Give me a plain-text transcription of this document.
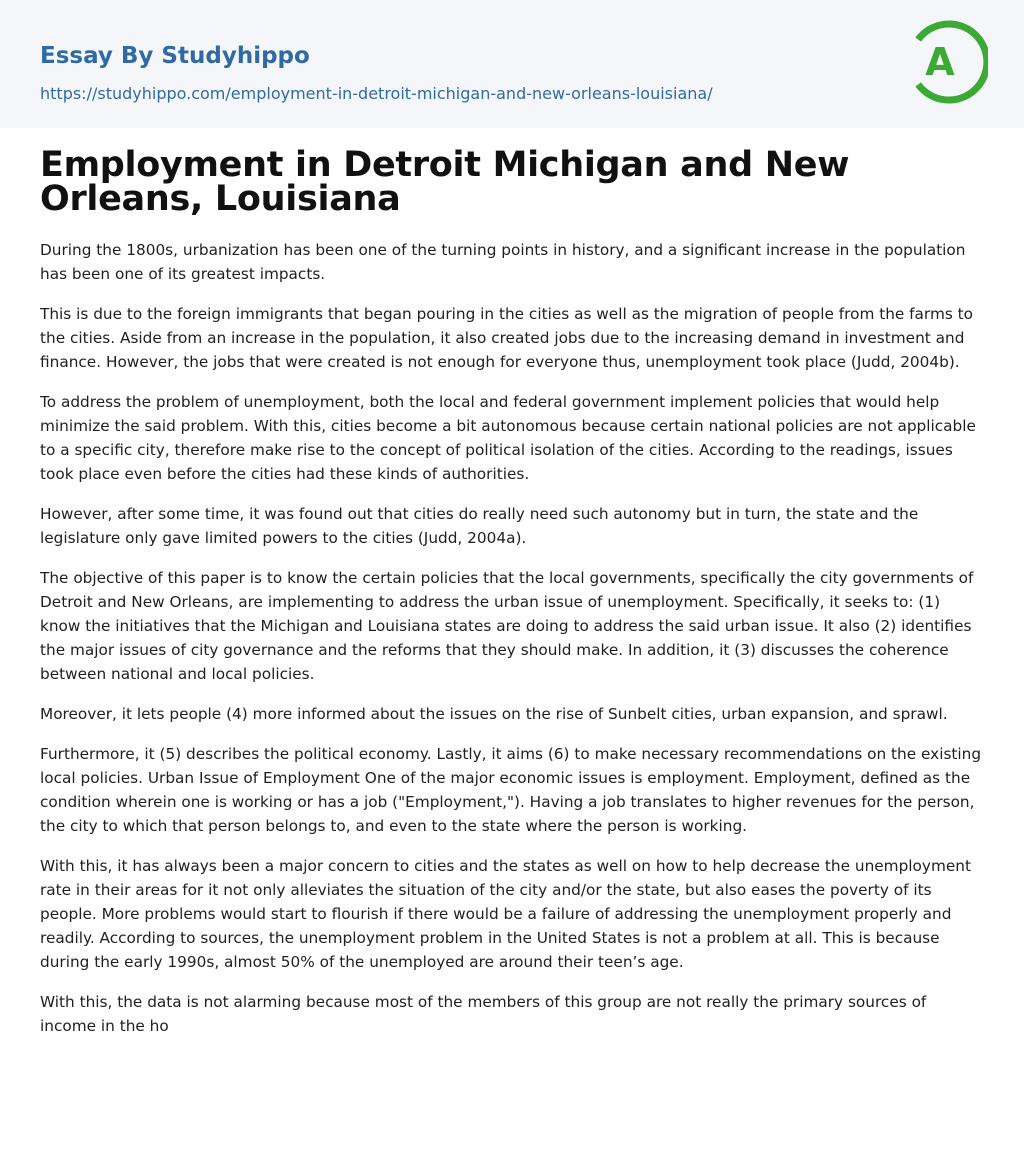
Essay By Studyhippo
https://studyhippo.com/employment-in-detroit-michigan-and-new-orleans-louisiana/
A
Employment in Detroit Michigan and New Orleans, Louisiana

During the 1800s, urbanization has been one of the turning points in history, and a significant increase in the population has been one of its greatest impacts.

This is due to the foreign immigrants that began pouring in the cities as well as the migration of people from the farms to the cities. Aside from an increase in the population, it also created jobs due to the increasing demand in investment and finance. However, the jobs that were created is not enough for everyone thus, unemployment took place (Judd, 2004b).

To address the problem of unemployment, both the local and federal government implement policies that would help minimize the said problem. With this, cities become a bit autonomous because certain national policies are not applicable to a specific city, therefore make rise to the concept of political isolation of the cities. According to the readings, issues took place even before the cities had these kinds of authorities.

However, after some time, it was found out that cities do really need such autonomy but in turn, the state and the legislature only gave limited powers to the cities (Judd, 2004a).

The objective of this paper is to know the certain policies that the local governments, specifically the city governments of Detroit and New Orleans, are implementing to address the urban issue of unemployment. Specifically, it seeks to: (1) know the initiatives that the Michigan and Louisiana states are doing to address the said urban issue. It also (2) identifies the major issues of city governance and the reforms that they should make. In addition, it (3) discusses the coherence between national and local policies.

Moreover, it lets people (4) more informed about the issues on the rise of Sunbelt cities, urban expansion, and sprawl.

Furthermore, it (5) describes the political economy. Lastly, it aims (6) to make necessary recommendations on the existing local policies. Urban Issue of Employment One of the major economic issues is employment. Employment, defined as the condition wherein one is working or has a job ("Employment,"). Having a job translates to higher revenues for the person, the city to which that person belongs to, and even to the state where the person is working.

With this, it has always been a major concern to cities and the states as well on how to help decrease the unemployment rate in their areas for it not only alleviates the situation of the city and/or the state, but also eases the poverty of its people. More problems would start to flourish if there would be a failure of addressing the unemployment properly and readily. According to sources, the unemployment problem in the United States is not a problem at all. This is because during the early 1990s, almost 50% of the unemployed are around their teen’s age.

With this, the data is not alarming because most of the members of this group are not really the primary sources of income in the ho
